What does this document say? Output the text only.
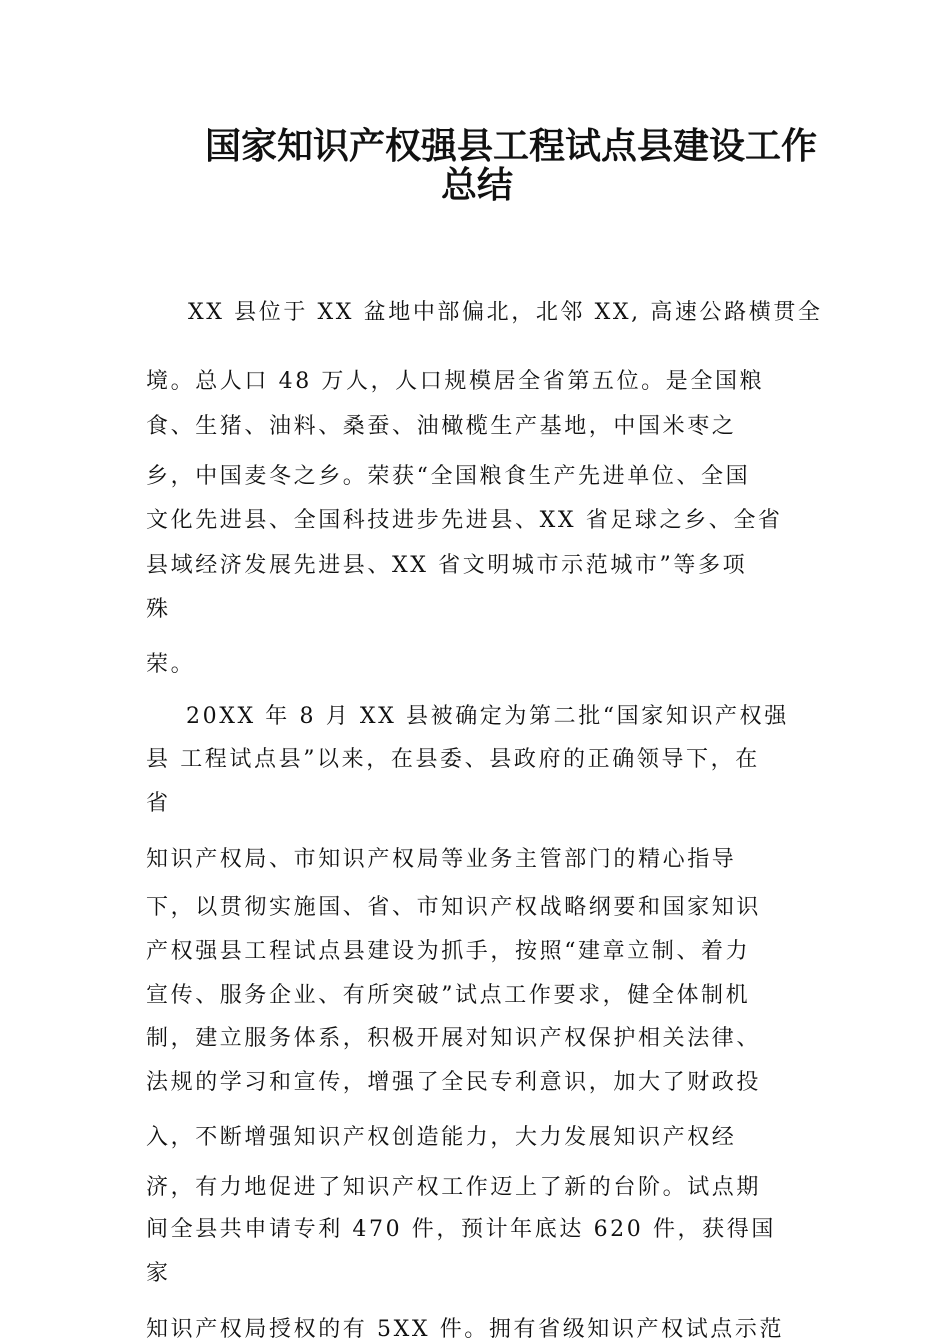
国家知识产权强县工程试点县建设工作
总结
XX 县位于 XX 盆地中部偏北，北邻 XX, 高速公路横贯全
境。总人口 48 万人，人口规模居全省第五位。是全国粮
食、生猪、油料、桑蚕、油橄榄生产基地，中国米枣之
乡，中国麦冬之乡。荣获“全国粮食生产先进单位、全国
文化先进县、全国科技进步先进县、XX 省足球之乡、全省
县域经济发展先进县、XX 省文明城市示范城市”等多项
殊
荣。
20XX 年 8 月 XX 县被确定为第二批“国家知识产权强
县 工程试点县”以来，在县委、县政府的正确领导下，在
省
知识产权局、市知识产权局等业务主管部门的精心指导
下，以贯彻实施国、省、市知识产权战略纲要和国家知识
产权强县工程试点县建设为抓手，按照“建章立制、着力
宣传、服务企业、有所突破”试点工作要求，健全体制机
制，建立服务体系，积极开展对知识产权保护相关法律、
法规的学习和宣传，增强了全民专利意识，加大了财政投
入，不断增强知识产权创造能力，大力发展知识产权经
济，有力地促进了知识产权工作迈上了新的台阶。试点期
间全县共申请专利 470 件，预计年底达 620 件，获得国
家
知识产权局授权的有 5XX 件。拥有省级知识产权试点示范
